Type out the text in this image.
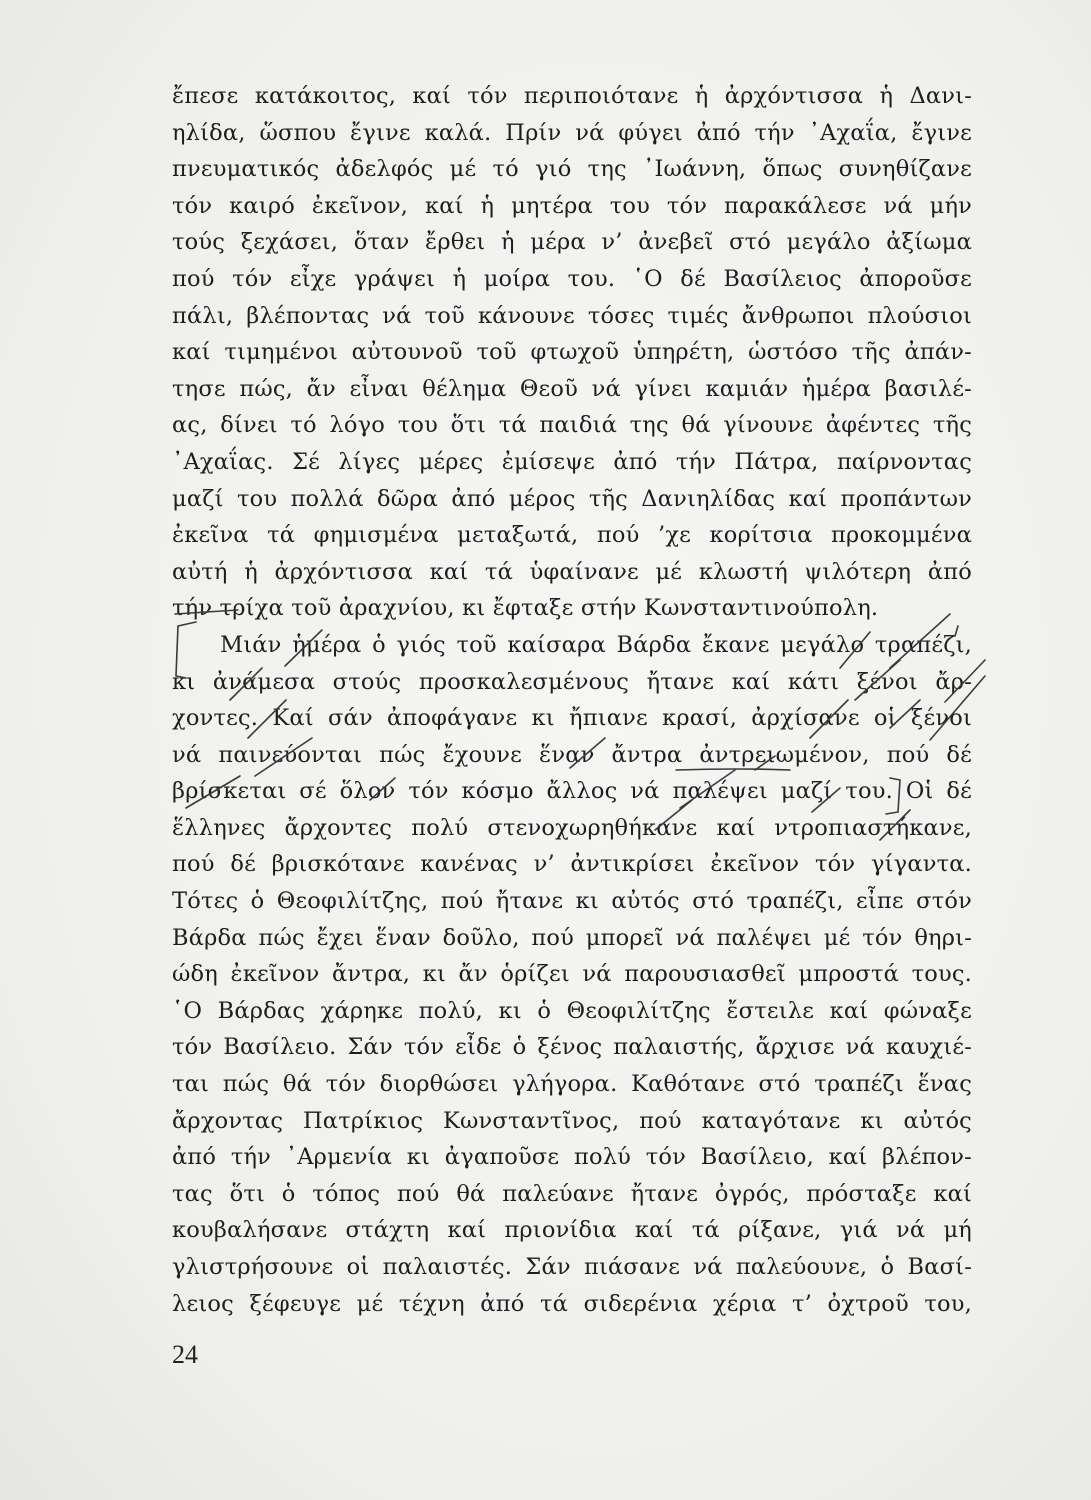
ἔπεσε κατάκοιτος, καί τόν περιποιότανε ἡ ἀρχόντισσα ἡ Δανι-
ηλίδα, ὥσπου ἔγινε καλά. Πρίν νά φύγει ἀπό τήν ᾿Αχαΐα, ἔγινε
πνευματικός ἀδελφός μέ τό γιό της ᾿Ιωάννη, ὅπως συνηθίζανε
τόν καιρό ἐκεῖνον, καί ἡ μητέρα του τόν παρακάλεσε νά μήν
τούς ξεχάσει, ὅταν ἔρθει ἡ μέρα ν’ ἀνεβεῖ στό μεγάλο ἀξίωμα
πού τόν εἶχε γράψει ἡ μοίρα του. ῾Ο δέ Βασίλειος ἀποροῦσε
πάλι, βλέποντας νά τοῦ κάνουνε τόσες τιμές ἄνθρωποι πλούσιοι
καί τιμημένοι αὐτουνοῦ τοῦ φτωχοῦ ὑπηρέτη, ὡστόσο τῆς ἀπάν-
τησε πώς, ἄν εἶναι θέλημα Θεοῦ νά γίνει καμιάν ἡμέρα βασιλέ-
ας, δίνει τό λόγο του ὅτι τά παιδιά της θά γίνουνε ἀφέντες τῆς
᾿Αχαΐας. Σέ λίγες μέρες ἐμίσεψε ἀπό τήν Πάτρα, παίρνοντας
μαζί του πολλά δῶρα ἀπό μέρος τῆς Δανιηλίδας καί προπάντων
ἐκεῖνα τά φημισμένα μεταξωτά, πού ’χε κορίτσια προκομμένα
αὐτή ἡ ἀρχόντισσα καί τά ὑφαίνανε μέ κλωστή ψιλότερη ἀπό
τήν τρίχα τοῦ ἀραχνίου, κι ἔφταξε στήν Κωνσταντινούπολη.
Μιάν ἡμέρα ὁ γιός τοῦ καίσαρα Βάρδα ἔκανε μεγάλο τραπέζι,
κι ἀνάμεσα στούς προσκαλεσμένους ἤτανε καί κάτι ξένοι ἄρ-
χοντες. Καί σάν ἀποφάγανε κι ἤπιανε κρασί, ἀρχίσανε οἱ ξένοι
νά παινεύονται πώς ἔχουνε ἕναν ἄντρα ἀντρειωμένον, πού δέ
βρίσκεται σέ ὅλον τόν κόσμο ἄλλος νά παλέψει μαζί του. Οἱ δέ
ἕλληνες ἄρχοντες πολύ στενοχωρηθήκανε καί ντροπιαστήκανε,
πού δέ βρισκότανε κανένας ν’ ἀντικρίσει ἐκεῖνον τόν γίγαντα.
Τότες ὁ Θεοφιλίτζης, πού ἤτανε κι αὐτός στό τραπέζι, εἶπε στόν
Βάρδα πώς ἔχει ἕναν δοῦλο, πού μπορεῖ νά παλέψει μέ τόν θηρι-
ώδη ἐκεῖνον ἄντρα, κι ἄν ὁρίζει νά παρουσιασθεῖ μπροστά τους.
῾Ο Βάρδας χάρηκε πολύ, κι ὁ Θεοφιλίτζης ἔστειλε καί φώναξε
τόν Βασίλειο. Σάν τόν εἶδε ὁ ξένος παλαιστής, ἄρχισε νά καυχιέ-
ται πώς θά τόν διορθώσει γλήγορα. Καθότανε στό τραπέζι ἕνας
ἄρχοντας Πατρίκιος Κωνσταντῖνος, πού καταγότανε κι αὐτός
ἀπό τήν ᾿Αρμενία κι ἀγαποῦσε πολύ τόν Βασίλειο, καί βλέπον-
τας ὅτι ὁ τόπος πού θά παλεύανε ἤτανε ὀγρός, πρόσταξε καί
κουβαλήσανε στάχτη καί πριονίδια καί τά ρίξανε, γιά νά μή
γλιστρήσουνε οἱ παλαιστές. Σάν πιάσανε νά παλεύουνε, ὁ Βασί-
λειος ξέφευγε μέ τέχνη ἀπό τά σιδερένια χέρια τ’ ὀχτροῦ του,
24
